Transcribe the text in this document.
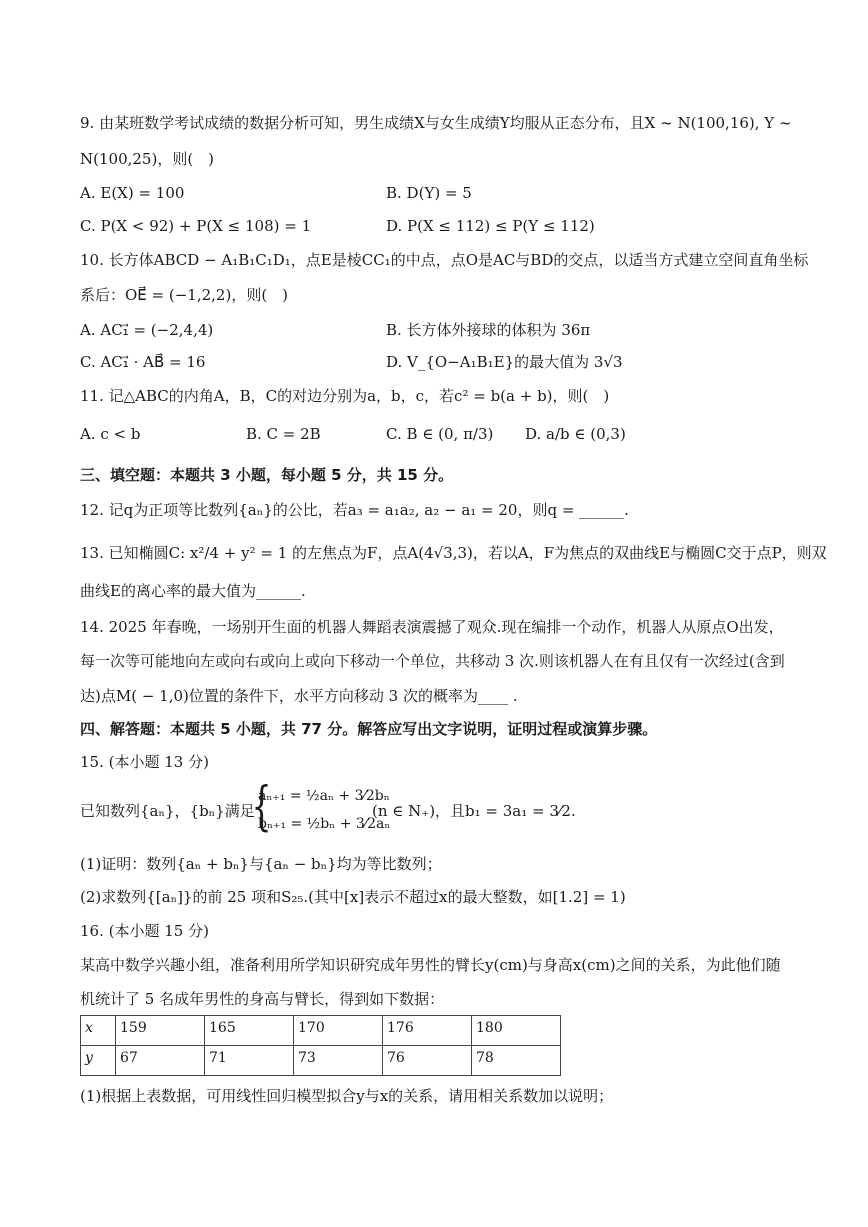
9. 由某班数学考试成绩的数据分析可知，男生成绩X与女生成绩Y均服从正态分布，且X ~ N(100,16), Y ~
N(100,25)，则(　)
A. E(X) = 100	B. D(Y) = 5
C. P(X < 92) + P(X ≤ 108) = 1	D. P(X ≤ 112) ≤ P(Y ≤ 112)
10. 长方体ABCD − A₁B₁C₁D₁，点E是棱CC₁的中点，点O是AC与BD的交点，以适当方式建立空间直角坐标
系后：OE⃗ = (−1,2,2)，则(　)
A. AC₁⃗ = (−2,4,4)	B. 长方体外接球的体积为 36π
C. AC₁⃗ · AB⃗ = 16	D. V_{O−A₁B₁E}的最大值为 3√3
11. 记△ABC的内角A，B，C的对边分别为a，b，c，若c² = b(a + b)，则(　)
A. c < b	B. C = 2B	C. B ∈ (0, π/3) D. a/b ∈ (0,3)
三、填空题：本题共 3 小题，每小题 5 分，共 15 分。
12. 记q为正项等比数列{aₙ}的公比，若a₃ = a₁a₂, a₂ − a₁ = 20，则q = ______.
13. 已知椭圆C: x²/4 + y² = 1 的左焦点为F，点A(4√3,3)，若以A，F为焦点的双曲线E与椭圆C交于点P，则双
曲线E的离心率的最大值为______.
14. 2025 年春晚，一场别开生面的机器人舞蹈表演震撼了观众.现在编排一个动作，机器人从原点O出发，
每一次等可能地向左或向右或向上或向下移动一个单位，共移动 3 次.则该机器人在有且仅有一次经过(含到
达)点M( − 1,0)位置的条件下，水平方向移动 3 次的概率为____ .
四、解答题：本题共 5 小题，共 77 分。解答应写出文字说明，证明过程或演算步骤。
15. (本小题 13 分)
已知数列{aₙ}，{bₙ}满足
{
aₙ₊₁ = ½aₙ + 3⁄2bₙ
bₙ₊₁ = ½bₙ + 3⁄2aₙ
(n ∈ N₊)，且b₁ = 3a₁ = 3⁄2.
(1)证明：数列{aₙ + bₙ}与{aₙ − bₙ}均为等比数列；
(2)求数列{[aₙ]}的前 25 项和S₂₅.(其中[x]表示不超过x的最大整数，如[1.2] = 1)
16. (本小题 15 分)
某高中数学兴趣小组，准备利用所学知识研究成年男性的臂长y(cm)与身高x(cm)之间的关系，为此他们随
机统计了 5 名成年男性的身高与臂长，得到如下数据：
x	159	165	170	176	180
y	67	71	73	76	78
(1)根据上表数据，可用线性回归模型拟合y与x的关系，请用相关系数加以说明；
